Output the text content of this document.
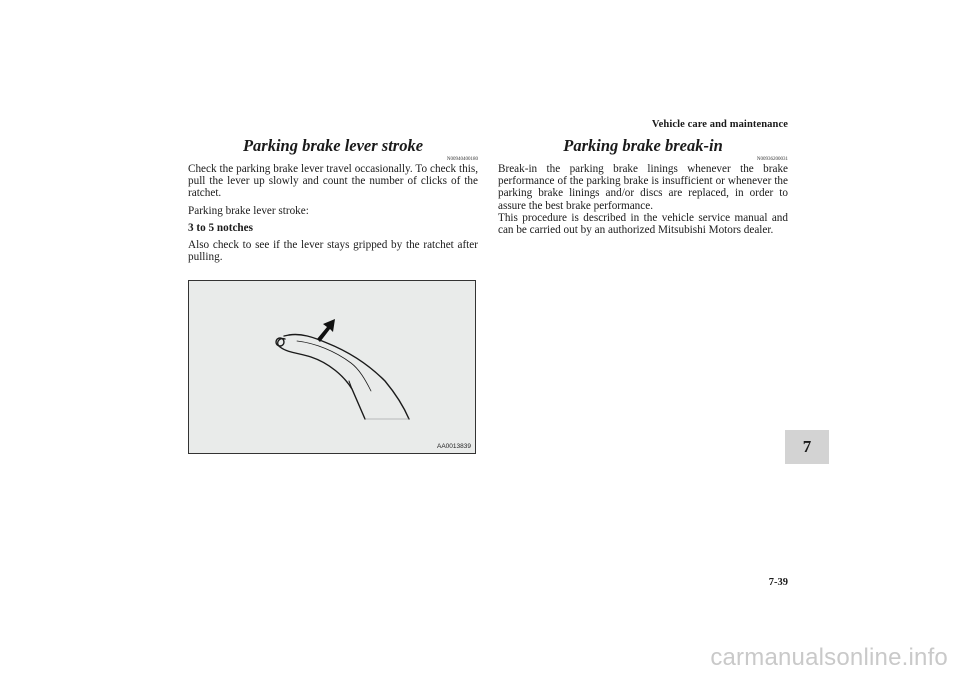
Vehicle care and maintenance
Parking brake lever stroke
N00940400180

Check the parking brake lever travel occasionally. To check this, pull the lever up slowly and count the number of clicks of the ratchet.

Parking brake lever stroke:

3 to 5 notches

Also check to see if the lever stays gripped by the ratchet after pulling.

AA0013839
Parking brake break-in
N00936200031

Break-in the parking brake linings whenever the brake performance of the parking brake is insufficient or whenever the parking brake linings and/or discs are replaced, in order to assure the best brake performance.

This procedure is described in the vehicle service manual and can be carried out by an authorized Mitsubishi Motors dealer.

7
7-39
carmanualsonline.info
